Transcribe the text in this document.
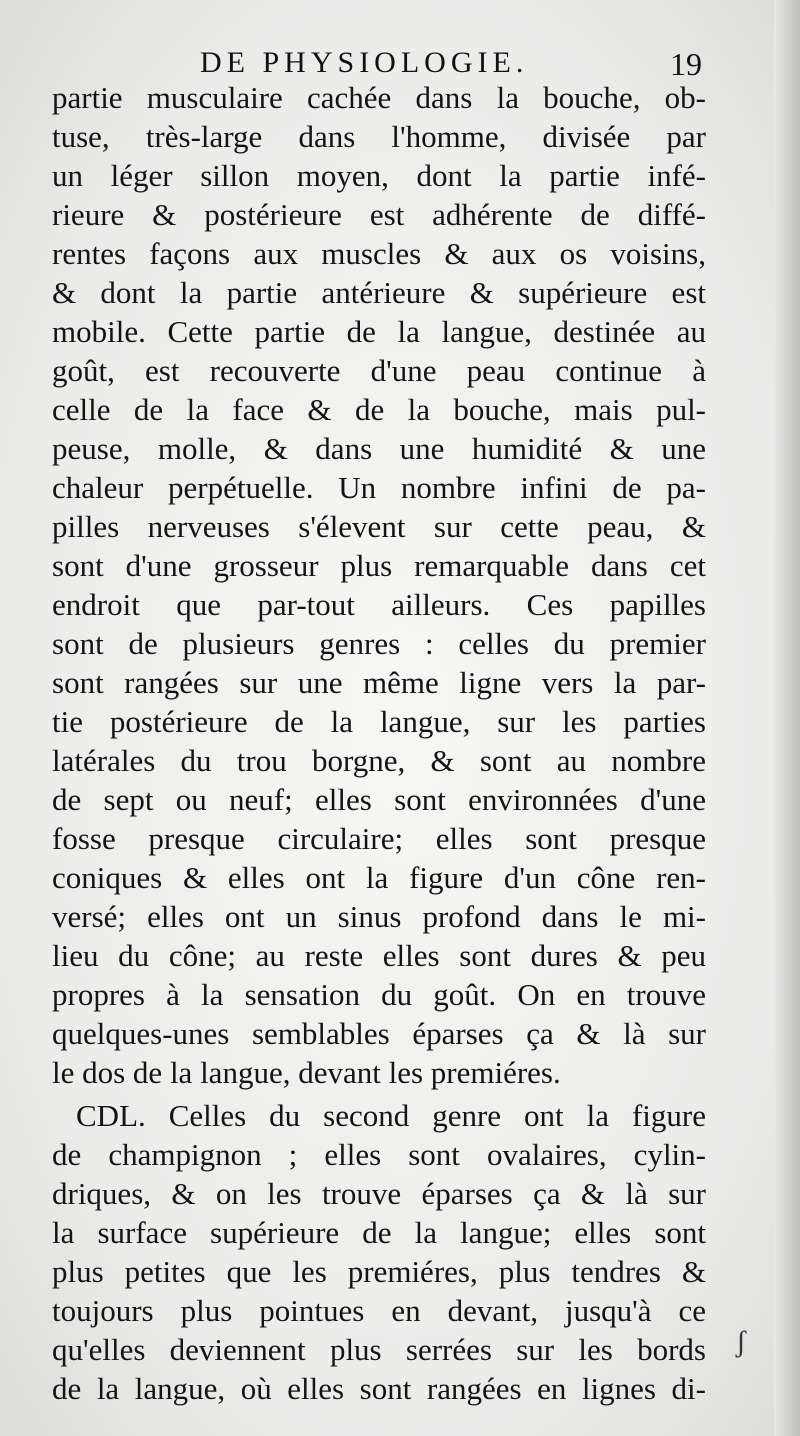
DE PHYSIOLOGIE.	19
partie musculaire cachée dans la bouche, ob-
tuse, très-large dans l'homme, divisée par
un léger sillon moyen, dont la partie infé-
rieure & postérieure est adhérente de diffé-
rentes façons aux muscles & aux os voisins,
& dont la partie antérieure & supérieure est
mobile. Cette partie de la langue, destinée au
goût, est recouverte d'une peau continue à
celle de la face & de la bouche, mais pul-
peuse, molle, & dans une humidité & une
chaleur perpétuelle. Un nombre infini de pa-
pilles nerveuses s'élevent sur cette peau, &
sont d'une grosseur plus remarquable dans cet
endroit que par-tout ailleurs. Ces papilles
sont de plusieurs genres : celles du premier
sont rangées sur une même ligne vers la par-
tie postérieure de la langue, sur les parties
latérales du trou borgne, & sont au nombre
de sept ou neuf; elles sont environnées d'une
fosse presque circulaire; elles sont presque
coniques & elles ont la figure d'un cône ren-
versé; elles ont un sinus profond dans le mi-
lieu du cône; au reste elles sont dures & peu
propres à la sensation du goût. On en trouve
quelques-unes semblables éparses ça & là sur
le dos de la langue, devant les premiéres.
CDL. Celles du second genre ont la figure
de champignon ; elles sont ovalaires, cylin-
driques, & on les trouve éparses ça & là sur
la surface supérieure de la langue; elles sont
plus petites que les premiéres, plus tendres &
toujours plus pointues en devant, jusqu'à ce
qu'elles deviennent plus serrées sur les bords
de la langue, où elles sont rangées en lignes di-
ʃ
